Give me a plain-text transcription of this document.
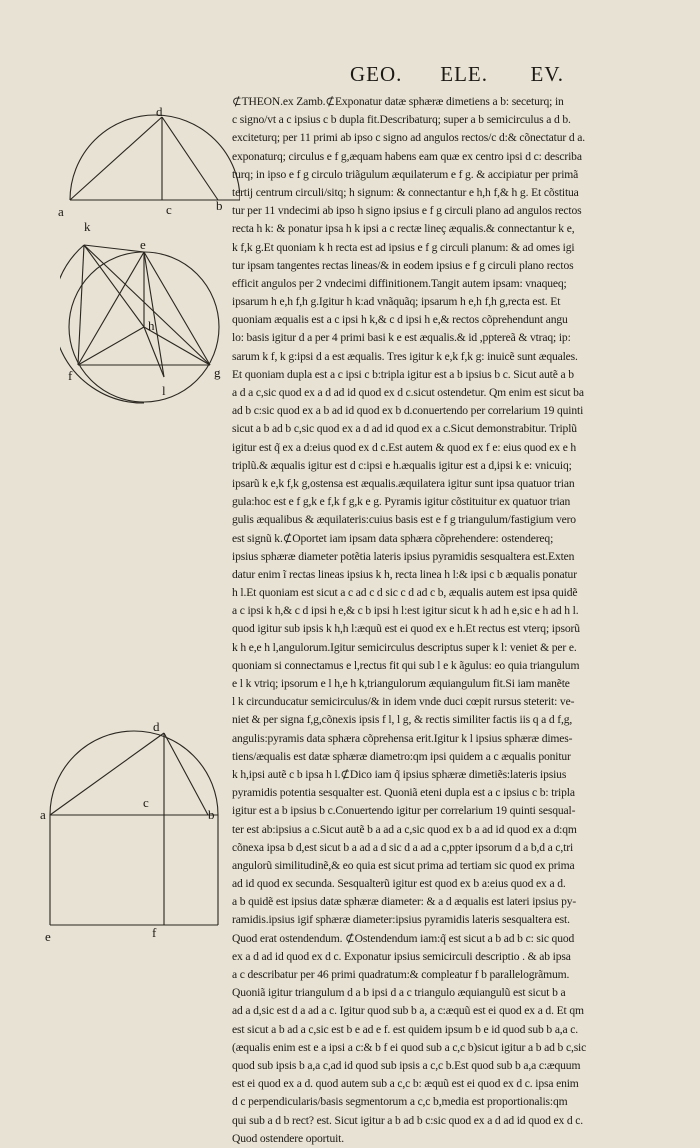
GEO. ELE. EV.
d
a	c	b
k
e
h
f	g
l
d
a
c
b
e	f
⊄THEON.ex Zamb.⊄Exponatur datæ sphæræ dimetiens a b: seceturq; in
c signo/vt a c ipsius c b dupla fit.Describaturq; super a b semicirculus a d b.
exciteturq; per 11 primi ab ipso c signo ad angulos rectos/c d:& cõnectatur d a.
exponaturq; circulus e f g,æquam habens eam quæ ex centro ipsi d c: describa
turq; in ipso e f g circulo triãgulum æquilaterum e f g. & accipiatur per primã
tertij centrum circuli/sitq; h signum: & connectantur e h,h f,& h g. Et cõstitua
tur per 11 vndecimi ab ipso h signo ipsius e f g circuli plano ad angulos rectos
recta h k: & ponatur ipsa h k ipsi a c rectæ lineç æqualis.& connectantur k e,
k f,k g.Et quoniam k h recta est ad ipsius e f g circuli planum: & ad omes igi
tur ipsam tangentes rectas lineas/& in eodem ipsius e f g circuli plano rectos
efficit angulos per 2 vndecimi diffinitionem.Tangit autem ipsam: vnaqueq;
ipsarum h e,h f,h g.Igitur h k:ad vnãquãq; ipsarum h e,h f,h g,recta est. Et
quoniam æqualis est a c ipsi h k,& c d ipsi h e,& rectos cõprehendunt angu
lo: basis igitur d a per 4 primi basi k e est æqualis.& id ,pptereã & vtraq; ip:
sarum k f, k g:ipsi d a est æqualis. Tres igitur k e,k f,k g: inuicẽ sunt æquales.
Et quoniam dupla est a c ipsi c b:tripla igitur est a b ipsius b c. Sicut autẽ a b
a d a c,sic quod ex a d ad id quod ex d c.sicut ostendetur. Qm enim est sicut ba
ad b c:sic quod ex a b ad id quod ex b d.conuertendo per correlarium 19 quinti
sicut a b ad b c,sic quod ex a d ad id quod ex a c.Sicut demonstrabitur. Triplũ
igitur est q̃ ex a d:eius quod ex d c.Est autem & quod ex f e: eius quod ex e h
triplũ.& æqualis igitur est d c:ipsi e h.æqualis igitur est a d,ipsi k e: vnicuiq;
ipsarũ k e,k f,k g,ostensa est æqualis.æquilatera igitur sunt ipsa quatuor trian
gula:hoc est e f g,k e f,k f g,k e g. Pyramis igitur cõstituitur ex quatuor trian
gulis æqualibus & æquilateris:cuius basis est e f g triangulum/fastigium vero
est signũ k.⊄Oportet iam ipsam data sphæra cõprehendere: ostendereq;
ipsius sphæræ diameter potẽtia lateris ipsius pyramidis sesqualtera est.Exten
datur enim ĩ rectas lineas ipsius k h, recta linea h l:& ipsi c b æqualis ponatur
h l.Et quoniam est sicut a c ad c d sic c d ad c b, æqualis autem est ipsa quidẽ
a c ipsi k h,& c d ipsi h e,& c b ipsi h l:est igitur sicut k h ad h e,sic e h ad h l.
quod igitur sub ipsis k h,h l:æquũ est ei quod ex e h.Et rectus est vterq; ipsorũ
k h e,e h l,angulorum.Igitur semicirculus descriptus super k l: veniet & per e.
quoniam si connectamus e l,rectus fit qui sub l e k ãgulus: eo quia triangulum
e l k vtriq; ipsorum e l h,e h k,triangulorum æquiangulum fit.Si iam manẽte
l k circunducatur semicirculus/& in idem vnde duci cœpit rursus steterit: ve-
niet & per signa f,g,cõnexis ipsis f l, l g, & rectis similiter factis iis q a d f,g,
angulis:pyramis data sphæra cõprehensa erit.Igitur k l ipsius sphæræ dimes-
tiens/æqualis est datæ sphæræ diametro:qm ipsi quidem a c æqualis ponitur
k h,ipsi autẽ c b ipsa h l.⊄Dico iam q̃ ipsius sphæræ dimetiẽs:lateris ipsius
pyramidis potentia sesqualter est. Quoniã eteni dupla est a c ipsius c b: tripla
igitur est a b ipsius b c.Conuertendo igitur per correlarium 19 quinti sesqual-
ter est ab:ipsius a c.Sicut autẽ b a ad a c,sic quod ex b a ad id quod ex a d:qm
cõnexa ipsa b d,est sicut b a ad a d sic d a ad a c,ppter ipsorum d a b,d a c,tri
angulorũ similitudinẽ,& eo quia est sicut prima ad tertiam sic quod ex prima
ad id quod ex secunda. Sesqualterũ igitur est quod ex b a:eius quod ex a d.
a b quidẽ est ipsius datæ sphæræ diameter: & a d æqualis est lateri ipsius py-
ramidis.ipsius igif sphæræ diameter:ipsius pyramidis lateris sesqualtera est.
Quod erat ostendendum. ⊄Ostendendum iam:q̃ est sicut a b ad b c: sic quod
ex a d ad id quod ex d c. Exponatur ipsius semicirculi descriptio . & ab ipsa
a c describatur per 46 primi quadratum:& compleatur f b parallelogrãmum.
Quoniã igitur triangulum d a b ipsi d a c triangulo æquiangulũ est sicut b a
ad a d,sic est d a ad a c. Igitur quod sub b a, a c:æquũ est ei quod ex a d. Et qm
est sicut a b ad a c,sic est b e ad e f. est quidem ipsum b e id quod sub b a,a c.
(æqualis enim est e a ipsi a c:& b f ei quod sub a c,c b)sicut igitur a b ad b c,sic
quod sub ipsis b a,a c,ad id quod sub ipsis a c,c b.Est quod sub b a,a c:æquum
est ei quod ex a d. quod autem sub a c,c b: æquũ est ei quod ex d c. ipsa enim
d c perpendicularis/basis segmentorum a c,c b,media est proportionalis:qm
qui sub a d b rect? est. Sicut igitur a b ad b c:sic quod ex a d ad id quod ex d c.
Quod ostendere oportuit.
